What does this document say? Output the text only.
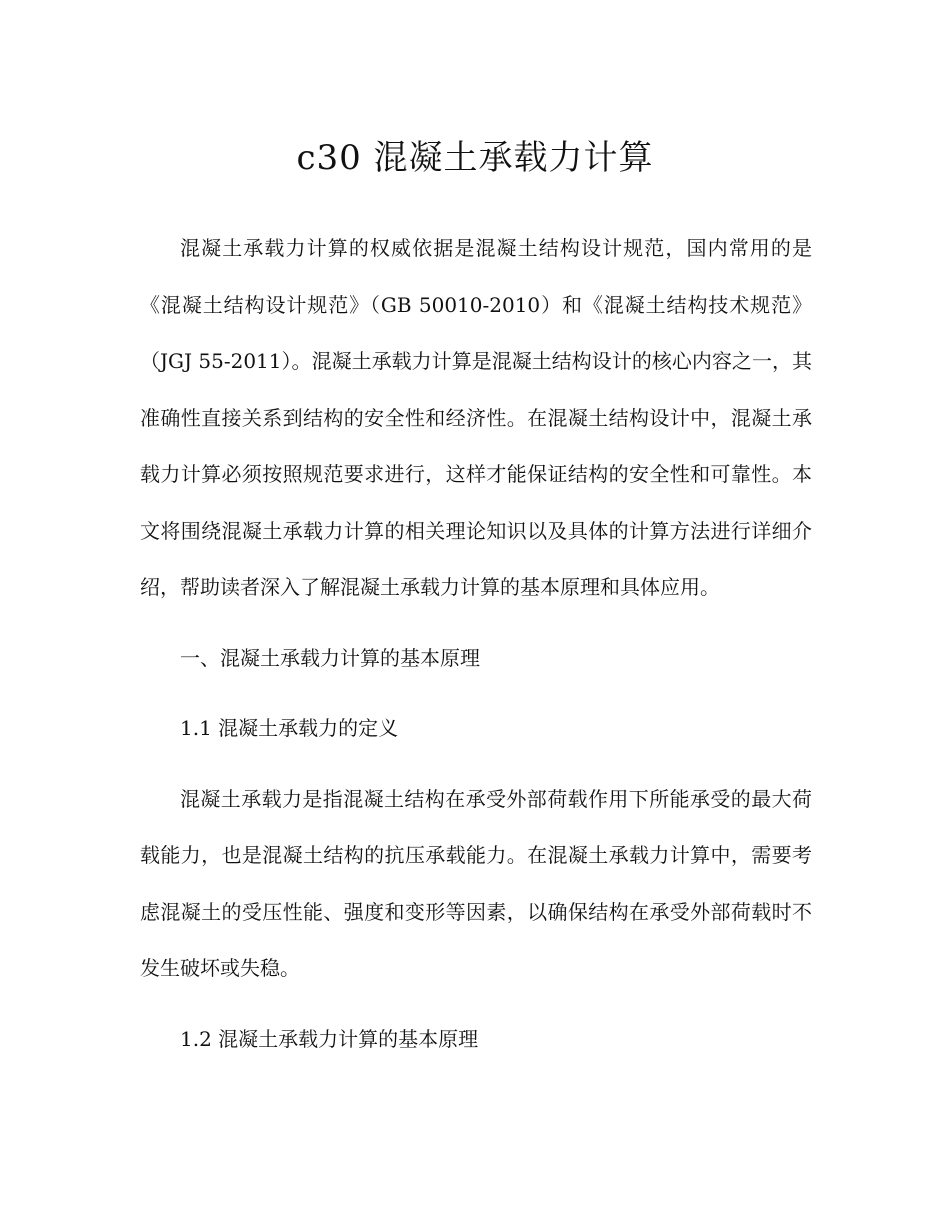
c30 混凝土承载力计算

混凝土承载力计算的权威依据是混凝土结构设计规范，国内常用的是《混凝土结构设计规范》（GB 50010-2010）和《混凝土结构技术规范》（JGJ 55-2011）。混凝土承载力计算是混凝土结构设计的核心内容之一，其准确性直接关系到结构的安全性和经济性。在混凝土结构设计中，混凝土承载力计算必须按照规范要求进行，这样才能保证结构的安全性和可靠性。本文将围绕混凝土承载力计算的相关理论知识以及具体的计算方法进行详细介绍，帮助读者深入了解混凝土承载力计算的基本原理和具体应用。

一、混凝土承载力计算的基本原理

1.1 混凝土承载力的定义

混凝土承载力是指混凝土结构在承受外部荷载作用下所能承受的最大荷载能力，也是混凝土结构的抗压承载能力。在混凝土承载力计算中，需要考虑混凝土的受压性能、强度和变形等因素，以确保结构在承受外部荷载时不发生破坏或失稳。

1.2 混凝土承载力计算的基本原理
